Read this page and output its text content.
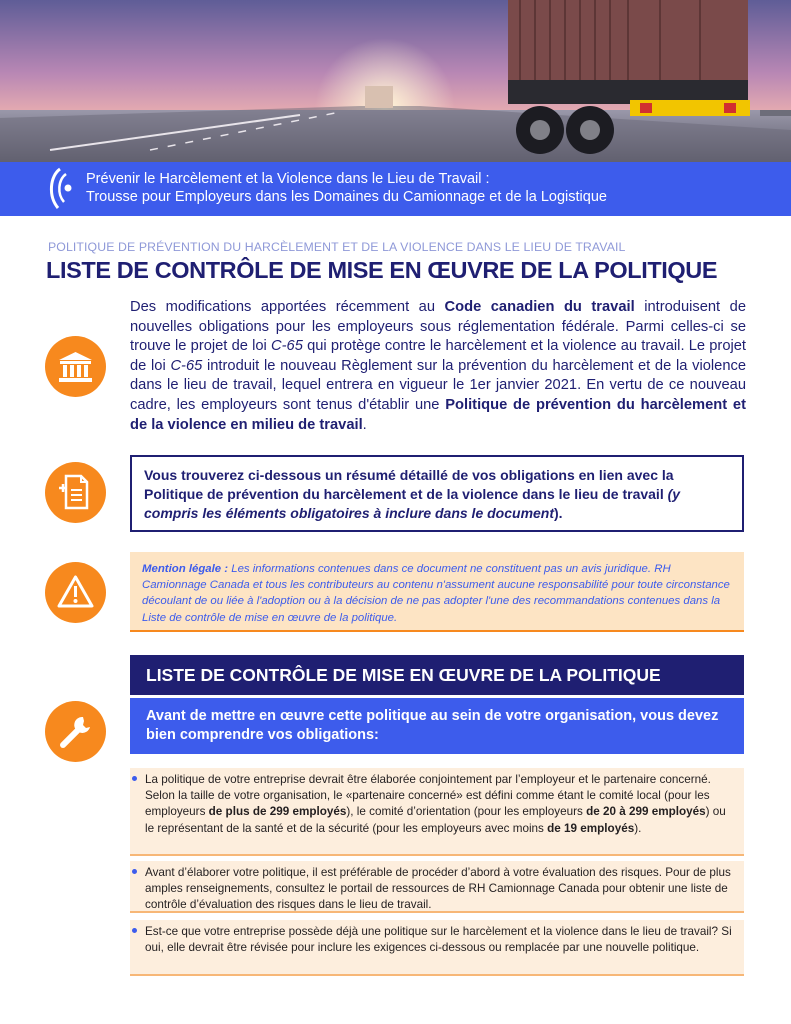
Prévenir le Harcèlement et la Violence dans le Lieu de Travail :
Trousse pour Employeurs dans les Domaines du Camionnage et de la Logistique
POLITIQUE DE PRÉVENTION DU HARCÈLEMENT ET DE LA VIOLENCE DANS LE LIEU DE TRAVAIL
LISTE DE CONTRÔLE DE MISE EN ŒUVRE DE LA POLITIQUE
Des modifications apportées récemment au Code canadien du travail introduisent de nouvelles obligations pour les employeurs sous réglementation fédérale. Parmi celles-ci se trouve le projet de loi C-65 qui protège contre le harcèlement et la violence au travail. Le projet de loi C-65 introduit le nouveau Règlement sur la prévention du harcèlement et de la violence dans le lieu de travail, lequel entrera en vigueur le 1er janvier 2021. En vertu de ce nouveau cadre, les employeurs sont tenus d'établir une Politique de prévention du harcèlement et de la violence en milieu de travail.
Vous trouverez ci-dessous un résumé détaillé de vos obligations en lien avec la Politique de prévention du harcèlement et de la violence dans le lieu de travail (y compris les éléments obligatoires à inclure dans le document).
Mention légale : Les informations contenues dans ce document ne constituent pas un avis juridique. RH Camionnage Canada et tous les contributeurs au contenu n'assument aucune responsabilité pour toute circonstance découlant de ou liée à l'adoption ou à la décision de ne pas adopter l'une des recommandations contenues dans la Liste de contrôle de mise en œuvre de la politique.
LISTE DE CONTRÔLE DE MISE EN ŒUVRE DE LA POLITIQUE
Avant de mettre en œuvre cette politique au sein de votre organisation, vous devez bien comprendre vos obligations:
La politique de votre entreprise devrait être élaborée conjointement par l’employeur et le partenaire concerné. Selon la taille de votre organisation, le «partenaire concerné» est défini comme étant le comité local (pour les employeurs de plus de 299 employés), le comité d’orientation (pour les employeurs de 20 à 299 employés) ou le représentant de la santé et de la sécurité (pour les employeurs avec moins de 19 employés).
Avant d’élaborer votre politique, il est préférable de procéder d’abord à votre évaluation des risques. Pour de plus amples renseignements, consultez le portail de ressources de RH Camionnage Canada pour obtenir une liste de contrôle d’évaluation des risques dans le lieu de travail.
Est-ce que votre entreprise possède déjà une politique sur le harcèlement et la violence dans le lieu de travail? Si oui, elle devrait être révisée pour inclure les exigences ci-dessous ou remplacée par une nouvelle politique.
